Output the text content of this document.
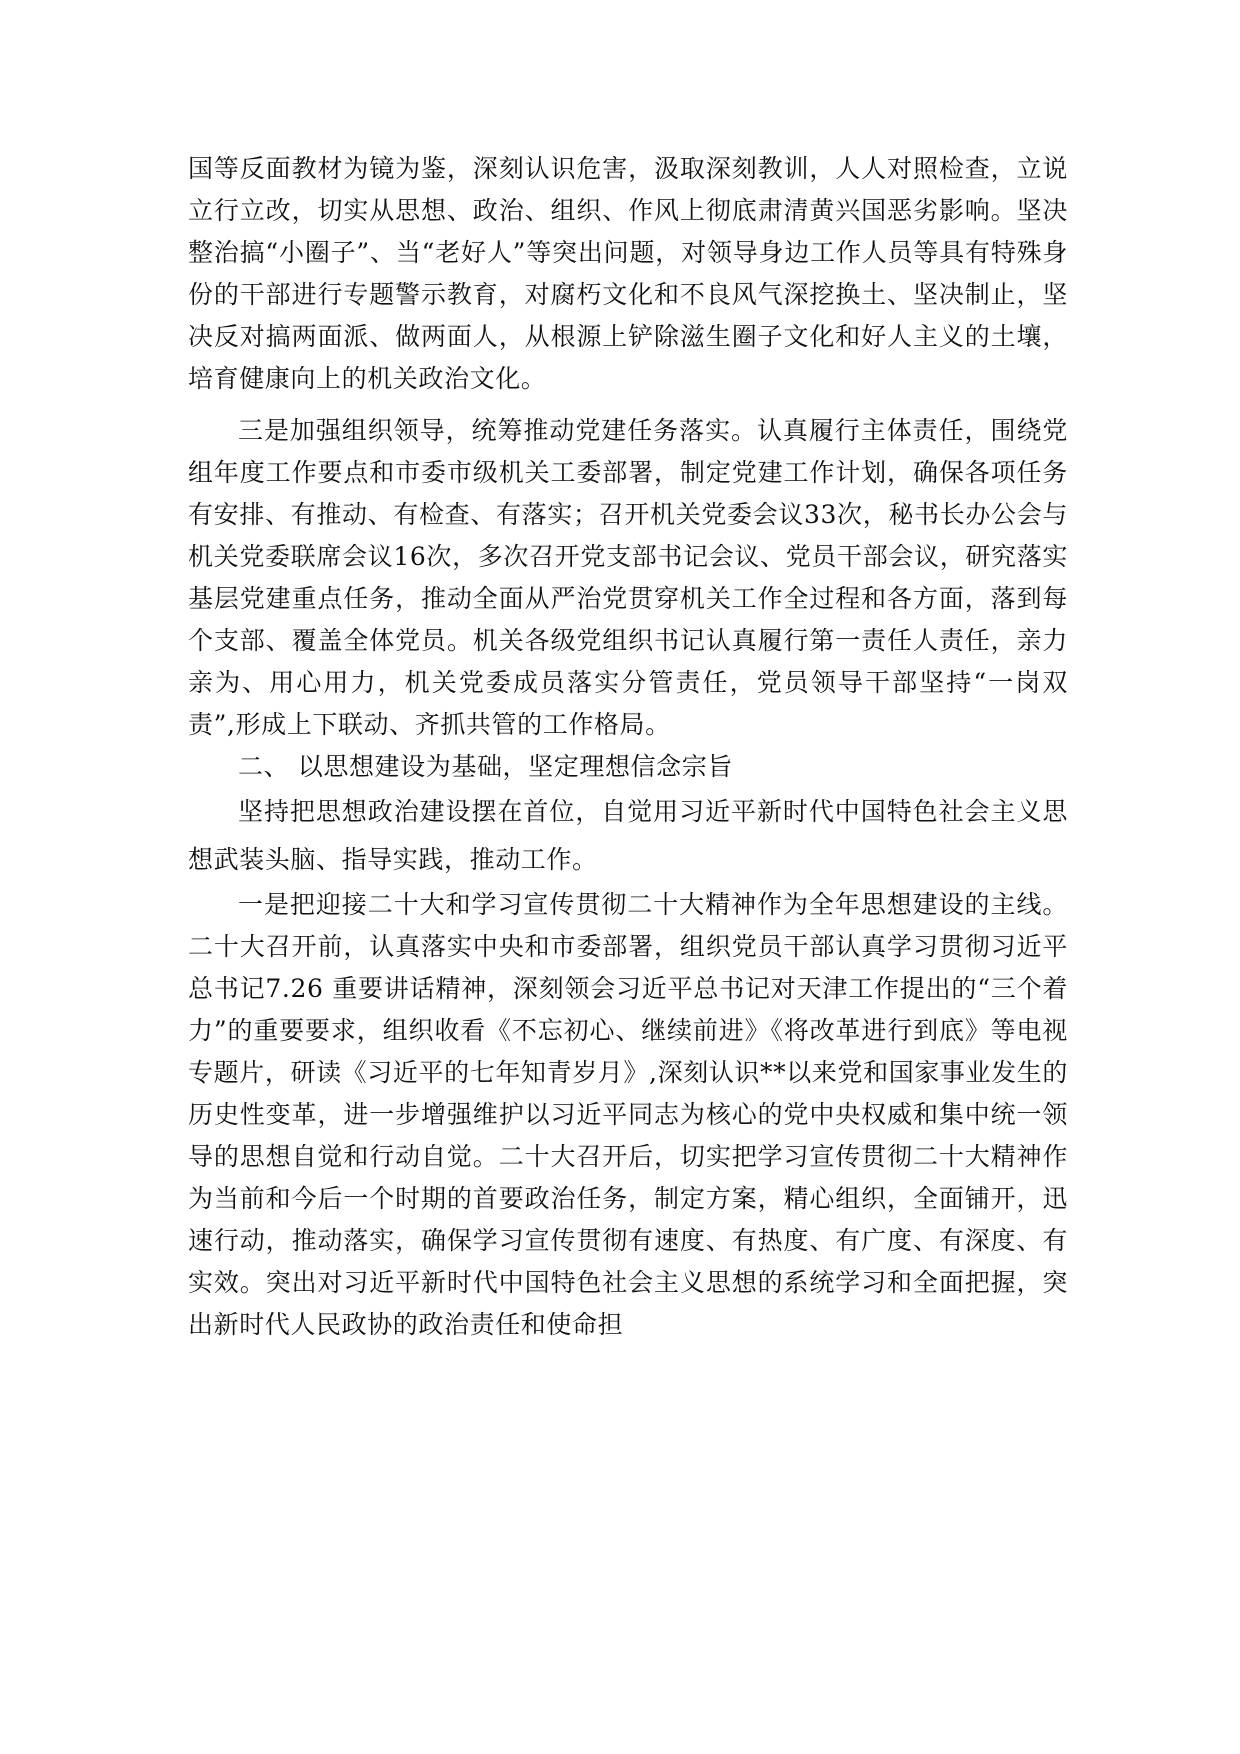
国等反面教材为镜为鉴，深刻认识危害，汲取深刻教训，人人对照检查，立说立行立改，切实从思想、政治、组织、作风上彻底肃清黄兴国恶劣影响。坚决整治搞“小圈子”、当“老好人”等突出问题，对领导身边工作人员等具有特殊身份的干部进行专题警示教育，对腐朽文化和不良风气深挖换土、坚决制止，坚决反对搞两面派、做两面人，从根源上铲除滋生圈子文化和好人主义的土壤，培育健康向上的机关政治文化。

三是加强组织领导，统筹推动党建任务落实。认真履行主体责任，围绕党组年度工作要点和市委市级机关工委部署，制定党建工作计划，确保各项任务有安排、有推动、有检查、有落实；召开机关党委会议33次，秘书长办公会与机关党委联席会议16次，多次召开党支部书记会议、党员干部会议，研究落实基层党建重点任务，推动全面从严治党贯穿机关工作全过程和各方面，落到每个支部、覆盖全体党员。机关各级党组织书记认真履行第一责任人责任，亲力亲为、用心用力，机关党委成员落实分管责任，党员领导干部坚持“一岗双责”,形成上下联动、齐抓共管的工作格局。

二、 以思想建设为基础，坚定理想信念宗旨

坚持把思想政治建设摆在首位，自觉用习近平新时代中国特色社会主义思想武装头脑、指导实践，推动工作。

一是把迎接二十大和学习宣传贯彻二十大精神作为全年思想建设的主线。二十大召开前，认真落实中央和市委部署，组织党员干部认真学习贯彻习近平总书记7.26 重要讲话精神，深刻领会习近平总书记对天津工作提出的“三个着力”的重要要求，组织收看《不忘初心、继续前进》《将改革进行到底》等电视专题片，研读《习近平的七年知青岁月》,深刻认识**以来党和国家事业发生的历史性变革，进一步增强维护以习近平同志为核心的党中央权威和集中统一领导的思想自觉和行动自觉。二十大召开后，切实把学习宣传贯彻二十大精神作为当前和今后一个时期的首要政治任务，制定方案，精心组织，全面铺开，迅速行动，推动落实，确保学习宣传贯彻有速度、有热度、有广度、有深度、有实效。突出对习近平新时代中国特色社会主义思想的系统学习和全面把握，突出新时代人民政协的政治责任和使命担
